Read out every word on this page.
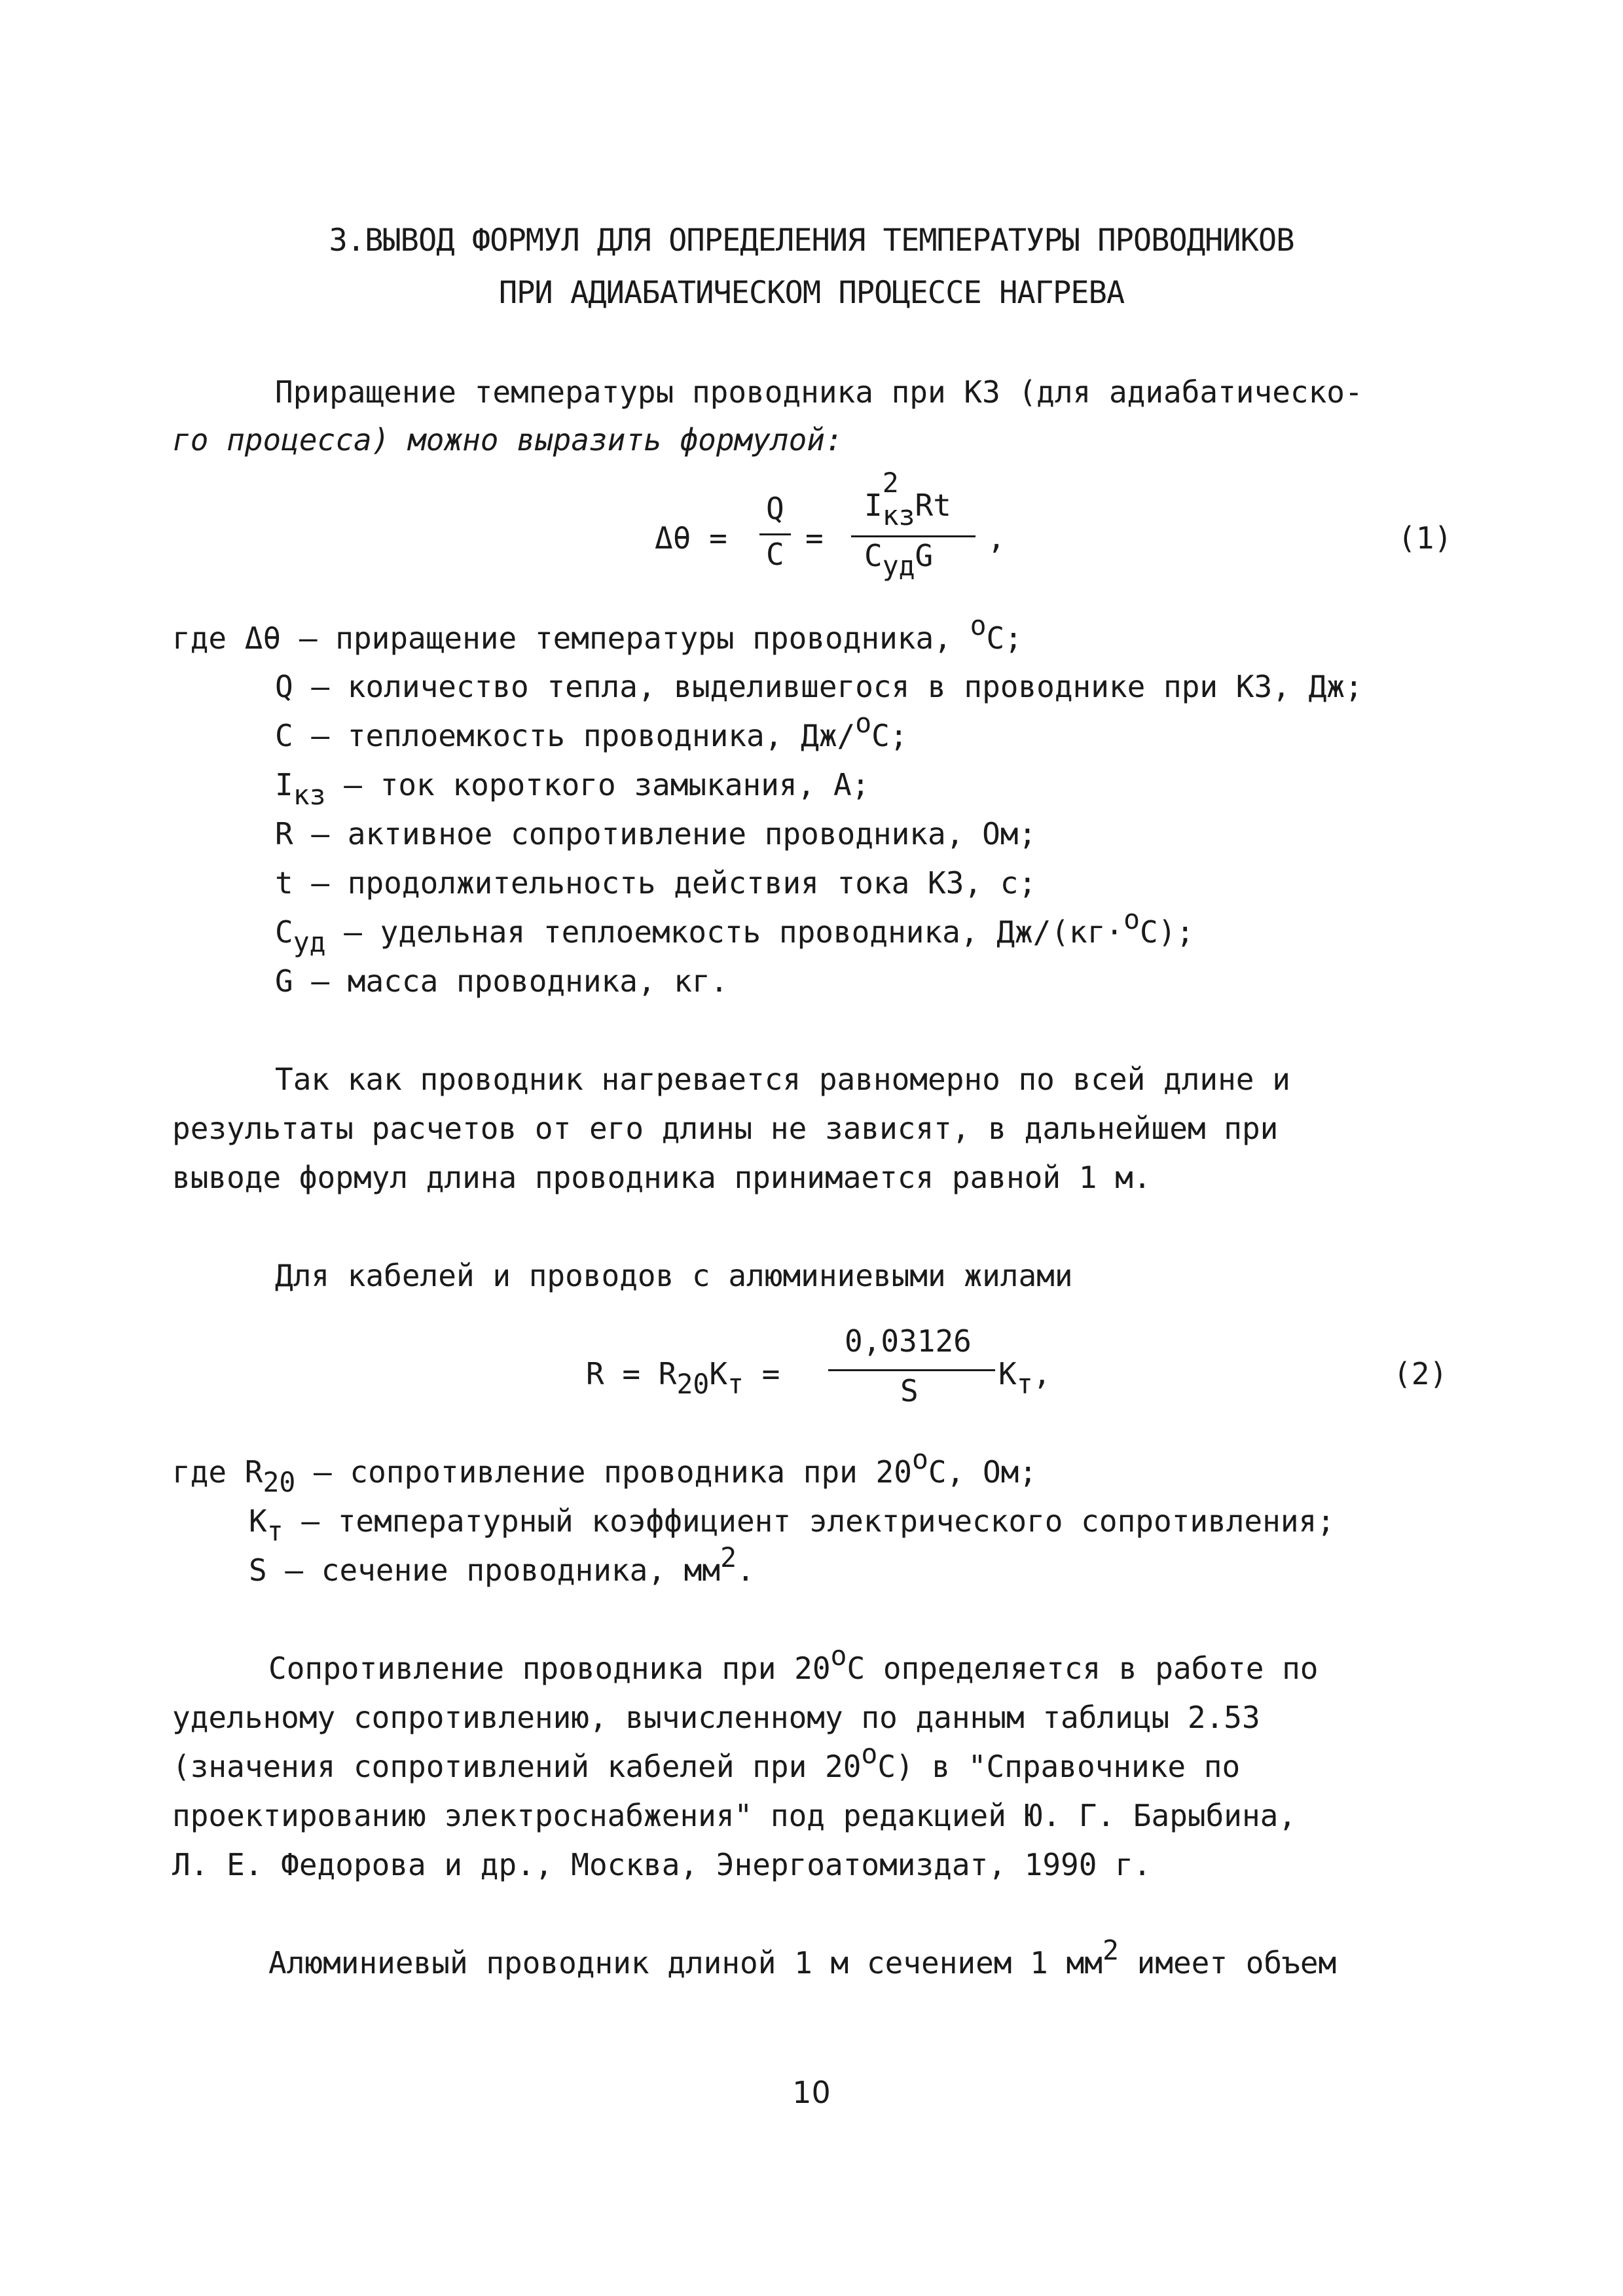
3.ВЫВОД ФОРМУЛ ДЛЯ ОПРЕДЕЛЕНИЯ ТЕМПЕРАТУРЫ ПРОВОДНИКОВ
ПРИ АДИАБАТИЧЕСКОМ ПРОЦЕССЕ НАГРЕВА
Приращение температуры проводника при КЗ (для адиабатическо-
го процесса) можно выразить формулой:
Δθ =
Q
C =
I
2
кзRt
CудG ,	(1)
где Δθ – приращение температуры проводника, oC;
Q – количество тепла, выделившегося в проводнике при КЗ, Дж;
C – теплоемкость проводника, Дж/oC;
Iкз – ток короткого замыкания, A;
R – активное сопротивление проводника, Ом;
t – продолжительность действия тока КЗ, с;
Cуд – удельная теплоемкость проводника, Дж/(кг·oC);
G – масса проводника, кг.
Так как проводник нагревается равномерно по всей длине и
результаты расчетов от его длины не зависят, в дальнейшем при
выводе формул длина проводника принимается равной 1 м.
Для кабелей и проводов с алюминиевыми жилами
R = R20Kт =
0,03126
S	Kт,	(2)
где R20 – сопротивление проводника при 20oC, Ом;
Kт – температурный коэффициент электрического сопротивления;
S – сечение проводника, мм2.
Сопротивление проводника при 20oC определяется в работе по
удельному сопротивлению, вычисленному по данным таблицы 2.53
(значения сопротивлений кабелей при 20oC) в "Справочнике по
проектированию электроснабжения" под редакцией Ю. Г. Барыбина,
Л. Е. Федорова и др., Москва, Энергоатомиздат, 1990 г.
Алюминиевый проводник длиной 1 м сечением 1 мм2 имеет объем
10
